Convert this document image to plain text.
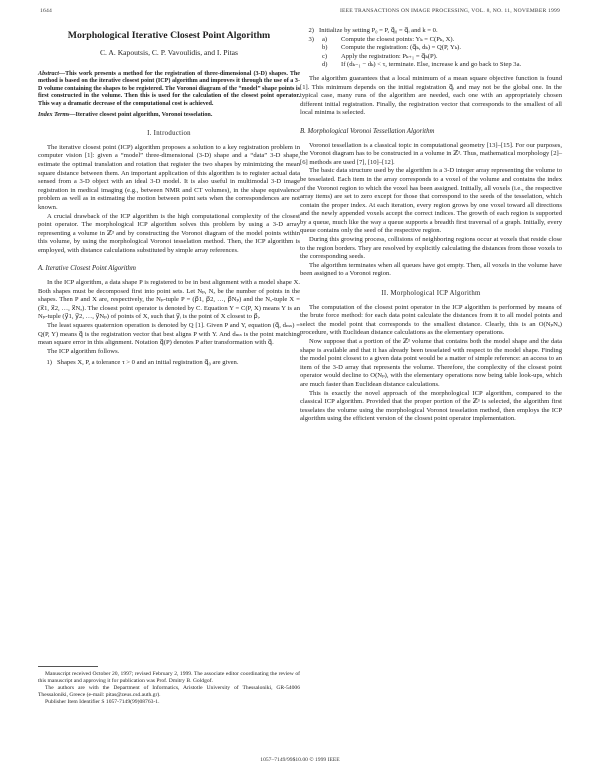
1644	IEEE TRANSACTIONS ON IMAGE PROCESSING, VOL. 8, NO. 11, NOVEMBER 1999
Morphological Iterative Closest Point Algorithm
C. A. Kapoutsis, C. P. Vavoulidis, and I. Pitas
Abstract—This work presents a method for the registration of three-dimensional (3-D) shapes. The method is based on the iterative closest point (ICP) algorithm and improves it through the use of a 3-D volume containing the shapes to be registered. The Voronoi diagram of the “model” shape points is first constructed in the volume. Then this is used for the calculation of the closest point operator. This way a dramatic decrease of the computational cost is achieved.
Index Terms—Iterative closest point algorithm, Voronoi tesselation.
I. Introduction

The iterative closest point (ICP) algorithm proposes a solution to a key registration problem in computer vision [1]: given a “model” three-dimensional (3-D) shape and a “data” 3-D shape, estimate the optimal translation and rotation that register the two shapes by minimizing the mean square distance between them. An important application of this algorithm is to register actual data sensed from a 3-D object with an ideal 3-D model. It is also useful in multimodal 3-D image registration in medical imaging (e.g., between NMR and CT volumes), in the shape equivalence problem as well as in estimating the motion between point sets when the correspondences are not known.

A crucial drawback of the ICP algorithm is the high computational complexity of the closest point operator. The morphological ICP algorithm solves this problem by using a 3-D array representing a volume in ℤ³ and by constructing the Voronoi diagram of the model points within this volume, by using the morphological Voronoi tesselation method. Then, the ICP algorithm is employed, with distance calculations substituted by simple array references.

A. Iterative Closest Point Algorithm

In the ICP algorithm, a data shape P is registered to be in best alignment with a model shape X. Both shapes must be decomposed first into point sets. Let Nₚ, Nₓ be the number of points in the shapes. Then P and X are, respectively, the Nₚ-tuple P = (p⃗1, p⃗2, …, p⃗Nₚ) and the Nₓ-tuple X = (x⃗1, x⃗2, …, x⃗Nₓ). The closest point operator is denoted by C. Equation Y = C(P, X) means Y is an Nₚ-tuple (y⃗1, y⃗2, …, y⃗Nₚ) of points of X, such that y⃗ᵢ is the point of X closest to p⃗ᵢ.

The least squares quaternion operation is denoted by Q [1]. Given P and Y, equation (q⃗, dₘₛ) = Q(P, Y) means q⃗ is the registration vector that best aligns P with Y. And dₘₛ is the point matching mean square error in this alignment. Notation q⃗(P) denotes P after transformation with q⃗.

The ICP algorithm follows.

1) Shapes X, P, a tolerance τ > 0 and an initial registration q⃗₀ are given.

Manuscript received October 20, 1997; revised February 2, 1999. The associate editor coordinating the review of this manuscript and approving it for publication was Prof. Dmitry B. Goldgof.

The authors are with the Department of Informatics, Aristotle University of Thessaloniki, GR-54006 Thessaloniki, Greece (e-mail: pitas@zeus.csd.auth.gr).

Publisher Item Identifier S 1057-7149(99)08763-1.

2) Initialize by setting P₀ = P, q⃗₀ = q⃗ᵢ and k = 0.
3)	a)	Compute the closest points: Yₖ = C(Pₖ, X).
b)	Compute the registration: (q⃗ₖ, dₖ) = Q(P, Yₖ).
c)	Apply the registration: Pₖ₊₁ = q⃗ₖ(P).
d)	If (dₖ₋₁ − dₖ) < τ, terminate. Else, increase k and go back to Step 3a.

The algorithm guarantees that a local minimum of a mean square objective function is found [1]. This minimum depends on the initial registration q⃗ᵢ and may not be the global one. In the typical case, many runs of the algorithm are needed, each one with an appropriately chosen different initial registration. Finally, the registration vector that corresponds to the smallest of all local minima is selected.

B. Morphological Voronoi Tessellation Algorithm

Voronoi tessellation is a classical topic in computational geometry [13]–[15]. For our purposes, the Voronoi diagram has to be constructed in a volume in ℤ³. Thus, mathematical morphology [2]–[6] methods are used [7], [10]–[12].

The basic data structure used by the algorithm is a 3-D integer array representing the volume to be tesselated. Each item in the array corresponds to a voxel of the volume and contains the index of the Voronoi region to which the voxel has been assigned. Initially, all voxels (i.e., the respective array items) are set to zero except for those that correspond to the seeds of the tesselation, which contain the proper index. At each iteration, every region grows by one voxel toward all directions and the newly appended voxels accept the correct indices. The growth of each region is supported by a queue, much like the way a queue supports a breadth first traversal of a graph. Initially, every queue contains only the seed of the respective region.

During this growing process, collisions of neighboring regions occur at voxels that reside close to the region borders. They are resolved by explicitly calculating the distances from those voxels to the corresponding seeds.

The algorithm terminates when all queues have got empty. Then, all voxels in the volume have been assigned to a Voronoi region.

II. Morphological ICP Algorithm

The computation of the closest point operator in the ICP algorithm is performed by means of the brute force method: for each data point calculate the distances from it to all model points and select the model point that corresponds to the smallest distance. Clearly, this is an O(NₚNₓ) procedure, with Euclidean distance calculations as the elementary operations.

Now suppose that a portion of the ℤ³ volume that contains both the model shape and the data shape is available and that it has already been tesselated with respect to the model shape. Finding the model point closest to a given data point would be a matter of simple reference: an access to an item of the 3-D array that represents the volume. Therefore, the complexity of the closest point operator would decline to O(Nₚ), with the elementary operations now being table look-ups, which are much faster than Euclidean distance calculations.

This is exactly the novel approach of the morphological ICP algorithm, compared to the classical ICP algorithm. Provided that the proper portion of the ℤ³ is selected, the algorithm first tesselates the volume using the morphological Voronoi tesselation method, then employs the ICP algorithm using the efficient version of the closest point operator implementation.

1057–7149/99$10.00 © 1999 IEEE
